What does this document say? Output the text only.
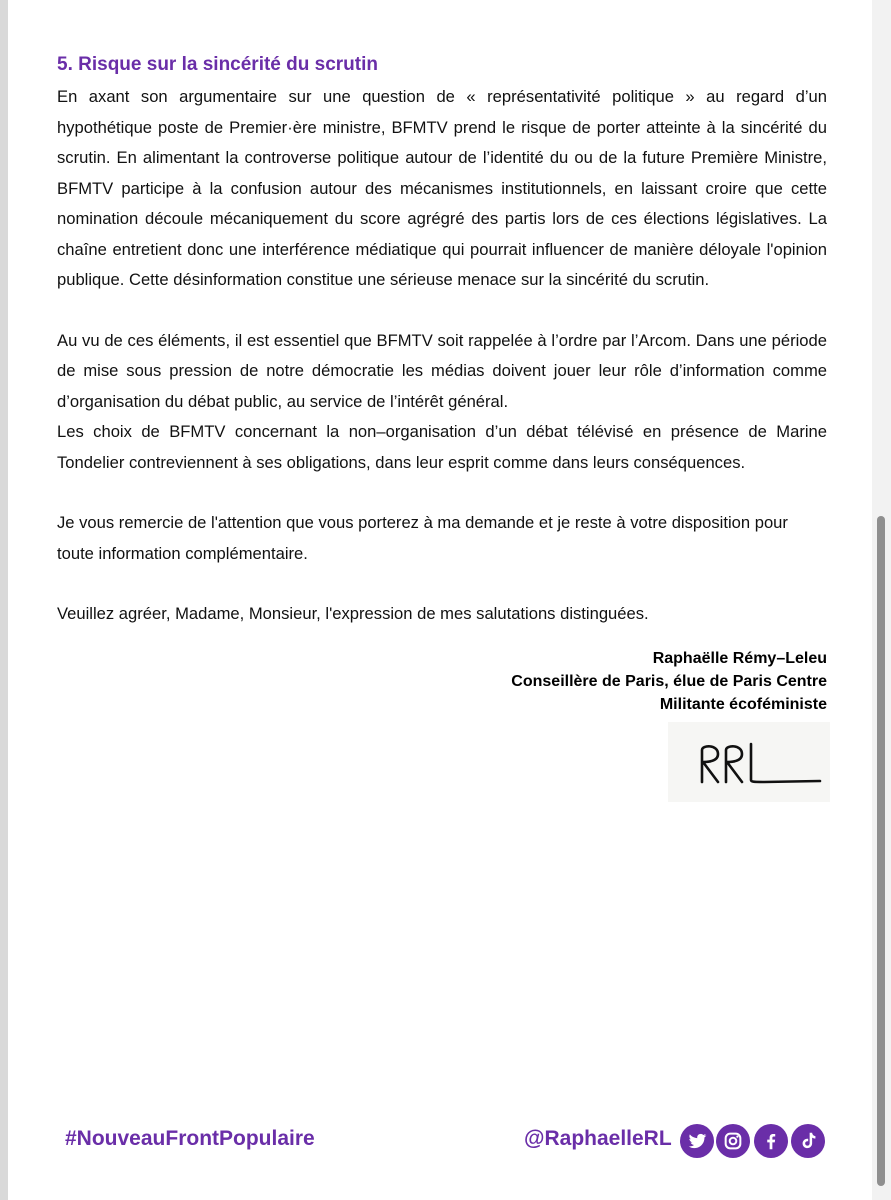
5. Risque sur la sincérité du scrutin

En axant son argumentaire sur une question de « représentativité politique » au regard d’un hypothétique poste de Premier·ère ministre, BFMTV prend le risque de porter atteinte à la sincérité du scrutin. En alimentant la controverse politique autour de l’identité du ou de la future Première Ministre, BFMTV participe à la confusion autour des mécanismes institutionnels, en laissant croire que cette nomination découle mécaniquement du score agrégré des partis lors de ces élections législatives. La chaîne entretient donc une interférence médiatique qui pourrait influencer de manière déloyale l'opinion publique. Cette désinformation constitue une sérieuse menace sur la sincérité du scrutin.

Au vu de ces éléments, il est essentiel que BFMTV soit rappelée à l’ordre par l’Arcom. Dans une période de mise sous pression de notre démocratie les médias doivent jouer leur rôle d’information comme d’organisation du débat public, au service de l’intérêt général.

Les choix de BFMTV concernant la non–organisation d’un débat télévisé en présence de Marine Tondelier contreviennent à ses obligations, dans leur esprit comme dans leurs conséquences.

Je vous remercie de l'attention que vous porterez à ma demande et je reste à votre disposition pour toute information complémentaire.

Veuillez agréer, Madame, Monsieur, l'expression de mes salutations distinguées.

Raphaëlle Rémy–Leleu
Conseillère de Paris, élue de Paris Centre
Militante écoféministe
#NouveauFrontPopulaire	@RaphaelleRL
